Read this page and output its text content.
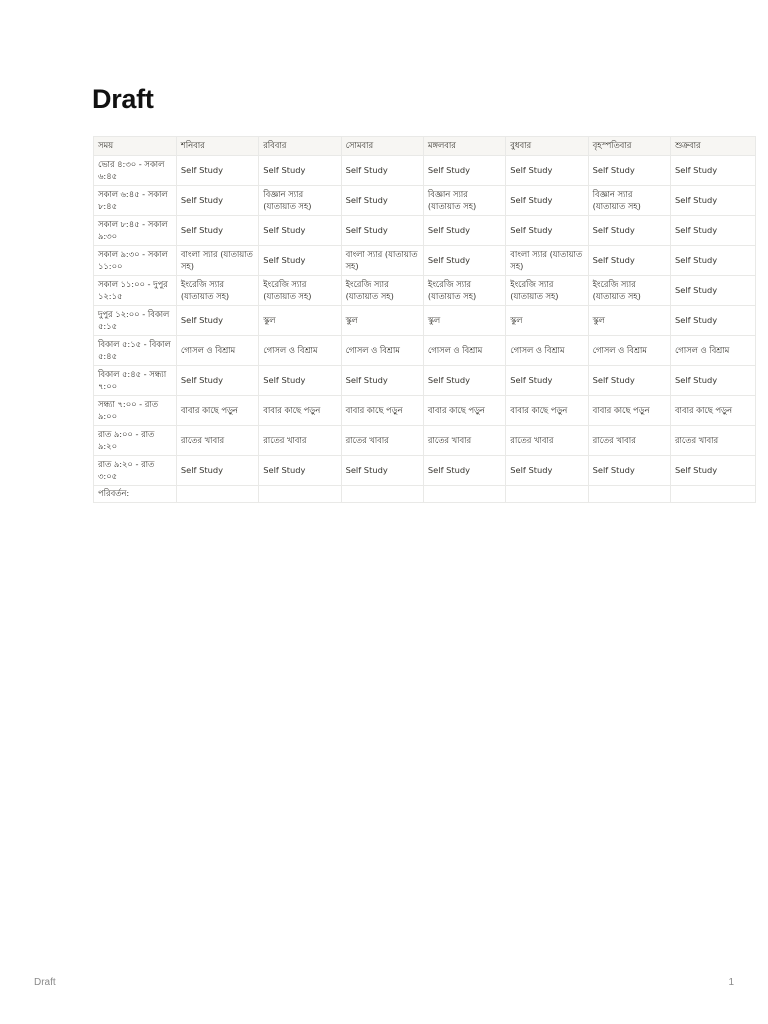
Draft
সময়	শনিবার	রবিবার	সোমবার	মঙ্গলবার	বুধবার	বৃহস্পতিবার	শুক্রবার
ভোর ৪:৩০ - সকাল ৬:৪৫	Self Study	Self Study	Self Study	Self Study	Self Study	Self Study	Self Study
সকাল ৬:৪৫ - সকাল ৮:৪৫	Self Study	বিজ্ঞান স্যার (যাতায়াত সহ)	Self Study	বিজ্ঞান স্যার (যাতায়াত সহ)	Self Study	বিজ্ঞান স্যার (যাতায়াত সহ)	Self Study
সকাল ৮:৪৫ - সকাল ৯:৩০	Self Study	Self Study	Self Study	Self Study	Self Study	Self Study	Self Study
সকাল ৯:৩০ - সকাল ১১:০০	বাংলা স্যার (যাতায়াত সহ)	Self Study	বাংলা স্যার (যাতায়াত সহ)	Self Study	বাংলা স্যার (যাতায়াত সহ)	Self Study	Self Study
সকাল ১১:০০ - দুপুর ১২:১৫	ইংরেজি স্যার (যাতায়াত সহ)	ইংরেজি স্যার (যাতায়াত সহ)	ইংরেজি স্যার (যাতায়াত সহ)	ইংরেজি স্যার (যাতায়াত সহ)	ইংরেজি স্যার (যাতায়াত সহ)	ইংরেজি স্যার (যাতায়াত সহ)	Self Study
দুপুর ১২:০০ - বিকাল ৫:১৫	Self Study	স্কুল	স্কুল	স্কুল	স্কুল	স্কুল	Self Study
বিকাল ৫:১৫ - বিকাল ৫:৪৫	গোসল ও বিশ্রাম	গোসল ও বিশ্রাম	গোসল ও বিশ্রাম	গোসল ও বিশ্রাম	গোসল ও বিশ্রাম	গোসল ও বিশ্রাম	গোসল ও বিশ্রাম
বিকাল ৫:৪৫ - সন্ধ্যা ৭:০০	Self Study	Self Study	Self Study	Self Study	Self Study	Self Study	Self Study
সন্ধ্যা ৭:০০ - রাত ৯:০০	বাবার কাছে পড়ুন	বাবার কাছে পড়ুন	বাবার কাছে পড়ুন	বাবার কাছে পড়ুন	বাবার কাছে পড়ুন	বাবার কাছে পড়ুন	বাবার কাছে পড়ুন
রাত ৯:০০ - রাত ৯:২০	রাতের খাবার	রাতের খাবার	রাতের খাবার	রাতের খাবার	রাতের খাবার	রাতের খাবার	রাতের খাবার
রাত ৯:২০ - রাত ৩:০৫	Self Study	Self Study	Self Study	Self Study	Self Study	Self Study	Self Study
পরিবর্তন:							
Draft	1
